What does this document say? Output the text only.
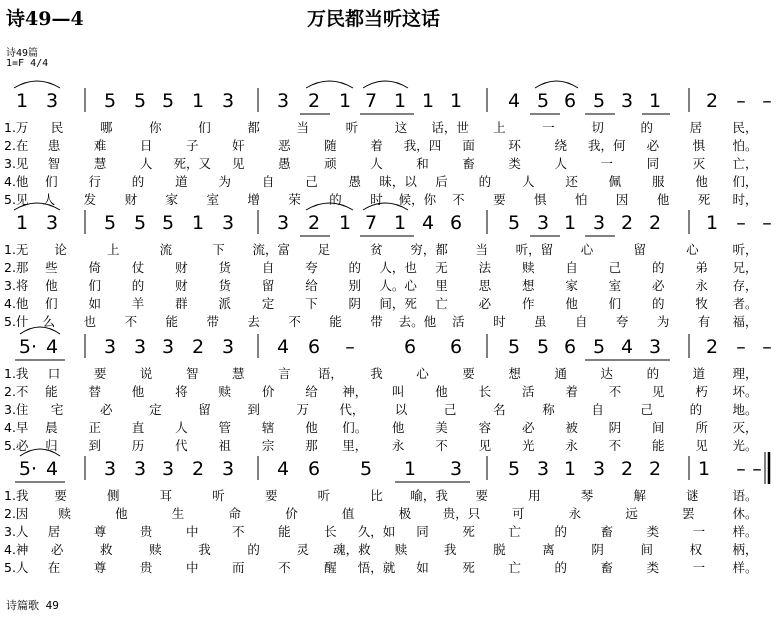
诗49—4	万民都当听这话
诗49篇
1=F 4/4
1 3 5 5 5 1 3 3 2 1 7 1 1 1 4 5 6 5 3 1 2 – –
1.万 民	哪	你	们	都	当	听	这 话，世 上	一	切	的	居 民，
2.在 患	难	日	子	奸	恶	随	着 我，四 面	环	绕 我，何 必	惧 怕。
3.见 智	慧	人 死，又 见	愚	顽	人	和	畜	类	人	一	同	灭 亡，
4.他 们 行 的 道 为 自 己 愚 昧，以 后 的 人 还 佩 服 他 们，
5.见 人 发 财 家 室 增 荣 的 时 候，你 不 要 惧 怕 因 他 死 时，
1 3 5 5 5 1 3 3 2 1 7 1 4 6 5 3 1 3 2 2 1 – –
1.无 论	上	流	下 流，富 足	贫 穷，都 当 听，留 心	留	心	听，
2.那 些 倚 仗 财 货 自 夸 的 人，也 无 法 赎 自 己 的 弟 兄，
3.将 他 们 的 财 货 留 给 别 人。心 里 思 想 家 室 必 永 存，
4.他 们 如 羊 群 派 定 下 阴 间，死 亡 必 作 他 们 的 牧 者。
5.什 么 也 不 能 带 去 不 能 带 去。他 活 时 虽 自 夸 为 有 福，
5· 4 3 3 3 2 3 4 6 –	6 6 5 5 6 5 4 3 2 – –
1.我 口	要	说	智	慧	言 语， 我	心	要	想	通	达	的	道 理，
2.不 能 替 他 将 赎 价 给 神， 叫 他 长 活 着 不 见 朽 坏。
3.住 宅	必	定	留	到	万 代， 以	己	名	称	自	己	的 地。
4.早 晨 正 直 人 管 辖 他 们。 他 美 容 必 被 阴 间 所 灭，
5.必 归 到 历 代 祖 宗 那 里， 永 不 见 光 永 不 能 见 光。
5· 4 3 3 3 2 3 4 6 5 1 3 5 3 1 3 2 2 1 – –
1.我 要	侧	耳	听	要	听	比 喻，我 要	用	琴	解	谜	语。
2.因 赎	他	生	命	价	值	极	贵，只	可	永	远	罢	休。
3.人 居	尊	贵	中	不	能	长 久，如 同	死	亡	的	畜	类	一 样。
4.神 必	救	赎	我	的	灵 魂，救 赎	我	脱	离	阴	间	权 柄，
5.人 在	尊	贵	中	而	不	醒 悟，就 如	死	亡	的	畜	类	一 样。
诗篇歌 49
